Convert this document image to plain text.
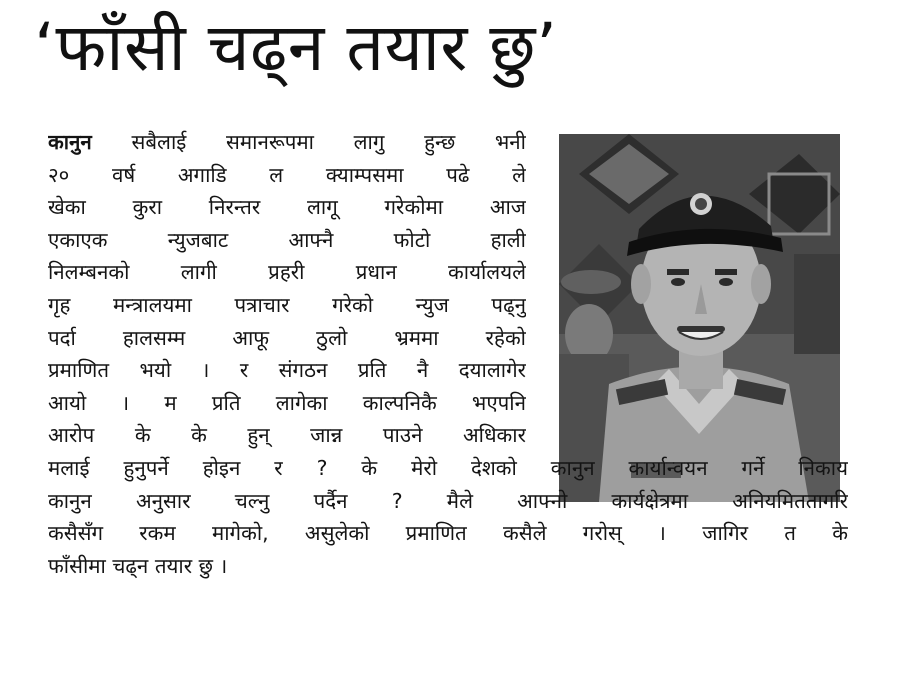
‘फाँसी चढ्न तयार छु’
कानुन सबैलाई समानरूपमा लागु हुन्छ भनी
२० वर्ष अगाडि ल क्याम्पसमा पढे ले
खेका कुरा निरन्तर लागू गरेकोमा आज
एकाएक न्युजबाट आफ्नै फोटो हाली
निलम्बनको लागी प्रहरी प्रधान कार्यालयले
गृह मन्त्रालयमा पत्राचार गरेको न्युज पढ्नु
पर्दा हालसम्म आफू ठुलो भ्रममा रहेको
प्रमाणित भयो । र संगठन प्रति नै दयालागेर
आयो । म प्रति लागेका काल्पनिकै भएपनि
आरोप के के हुन् जान्न पाउने अधिकार
मलाई हुनुपर्ने होइन र ? के मेरो देशको कानुन कार्यान्वयन गर्ने निकाय
कानुन अनुसार चल्नु पर्दैन ? मैले आफ्नो कार्यक्षेत्रमा अनियमिततागरि
कसैसँग रकम मागेको, असुलेको प्रमाणित कसैले गरोस् । जागिर त के
फाँसीमा चढ्न तयार छु ।
